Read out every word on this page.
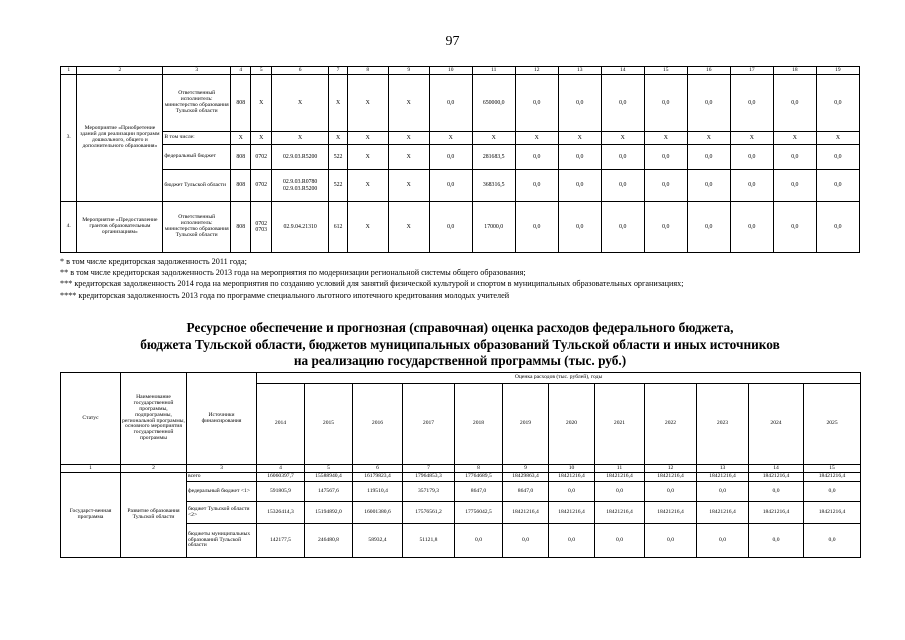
97
1	2	3	4	5	6	7	8	9	10	11	12	13	14	15	16	17	18	19
3.	Мероприятие «Приобретение зданий для реализации программ дошкольного, общего и дополнительного образования»	Ответственный исполнитель: министерство образования Тульской области	808	Х	Х	Х	Х	Х	0,0	650000,0	0,0	0,0	0,0	0,0	0,0	0,0	0,0	0,0
		В том числе:	Х	Х	Х	Х	Х	Х	Х	Х	Х	Х	Х	Х	Х	Х	Х	Х
		федеральный бюджет	808	0702	02.9.03.R5200	522	Х	Х	0,0	281683,5	0,0	0,0	0,0	0,0	0,0	0,0	0,0	0,0
		бюджет Тульской области	808	0702	02.9.03.R0780 02.9.03.R5200	522	Х	Х	0,0	368316,5	0,0	0,0	0,0	0,0	0,0	0,0	0,0	0,0
4.	Мероприятие «Предоставление грантов образовательным организациям»	Ответственный исполнитель: министерство образования Тульской области	808	0702 0703	02.9.04.21310	612	Х	Х	0,0	17000,0	0,0	0,0	0,0	0,0	0,0	0,0	0,0	0,0
* в том числе кредиторская задолженность 2011 года;
** в том числе кредиторская задолженность 2013 года на мероприятия по модернизации региональной системы общего образования;
*** кредиторская задолженность 2014 года на мероприятия по созданию условий для занятий физической культурой и спортом в муниципальных образовательных организациях;
**** кредиторская задолженность 2013 года по программе специального льготного ипотечного кредитования молодых учителей
Ресурсное обеспечение и прогнозная (справочная) оценка расходов федерального бюджета,
бюджета Тульской области, бюджетов муниципальных образований Тульской области и иных источников
на реализацию государственной программы (тыс. руб.)
Статус	Наименование государственной программы, подпрограммы, региональной программы, основного мероприятия государственной программы	Источники финансирования	Оценка расходов (тыс. рублей), годы											
			2014	2015	2016	2017	2018	2019	2020	2021	2022	2023	2024	2025
1	2	3	4	5	6	7	8	9	10	11	12	13	14	15
Государст-венная программа	Развитие образования Тульской области	всего	16060397,7	15588940,4	16179823,4	17964853,3	17764689,5	18429863,4	18421216,4	18421216,4	18421216,4	18421216,4	18421216,4	18421216,4
		федеральный бюджет <1>	591805,9	147567,6	119510,4	357179,3	8647,0	8647,0	0,0	0,0	0,0	0,0	0,0	0,0
		бюджет Тульской области <2>	15326414,3	15194892,0	16001380,6	17576561,2	17756042,5	18421216,4	18421216,4	18421216,4	18421216,4	18421216,4	18421216,4	18421216,4
		бюджеты муниципальных образований Тульской области	142177,5	246480,8	58932,4	51121,8	0,0	0,0	0,0	0,0	0,0	0,0	0,0	0,0
